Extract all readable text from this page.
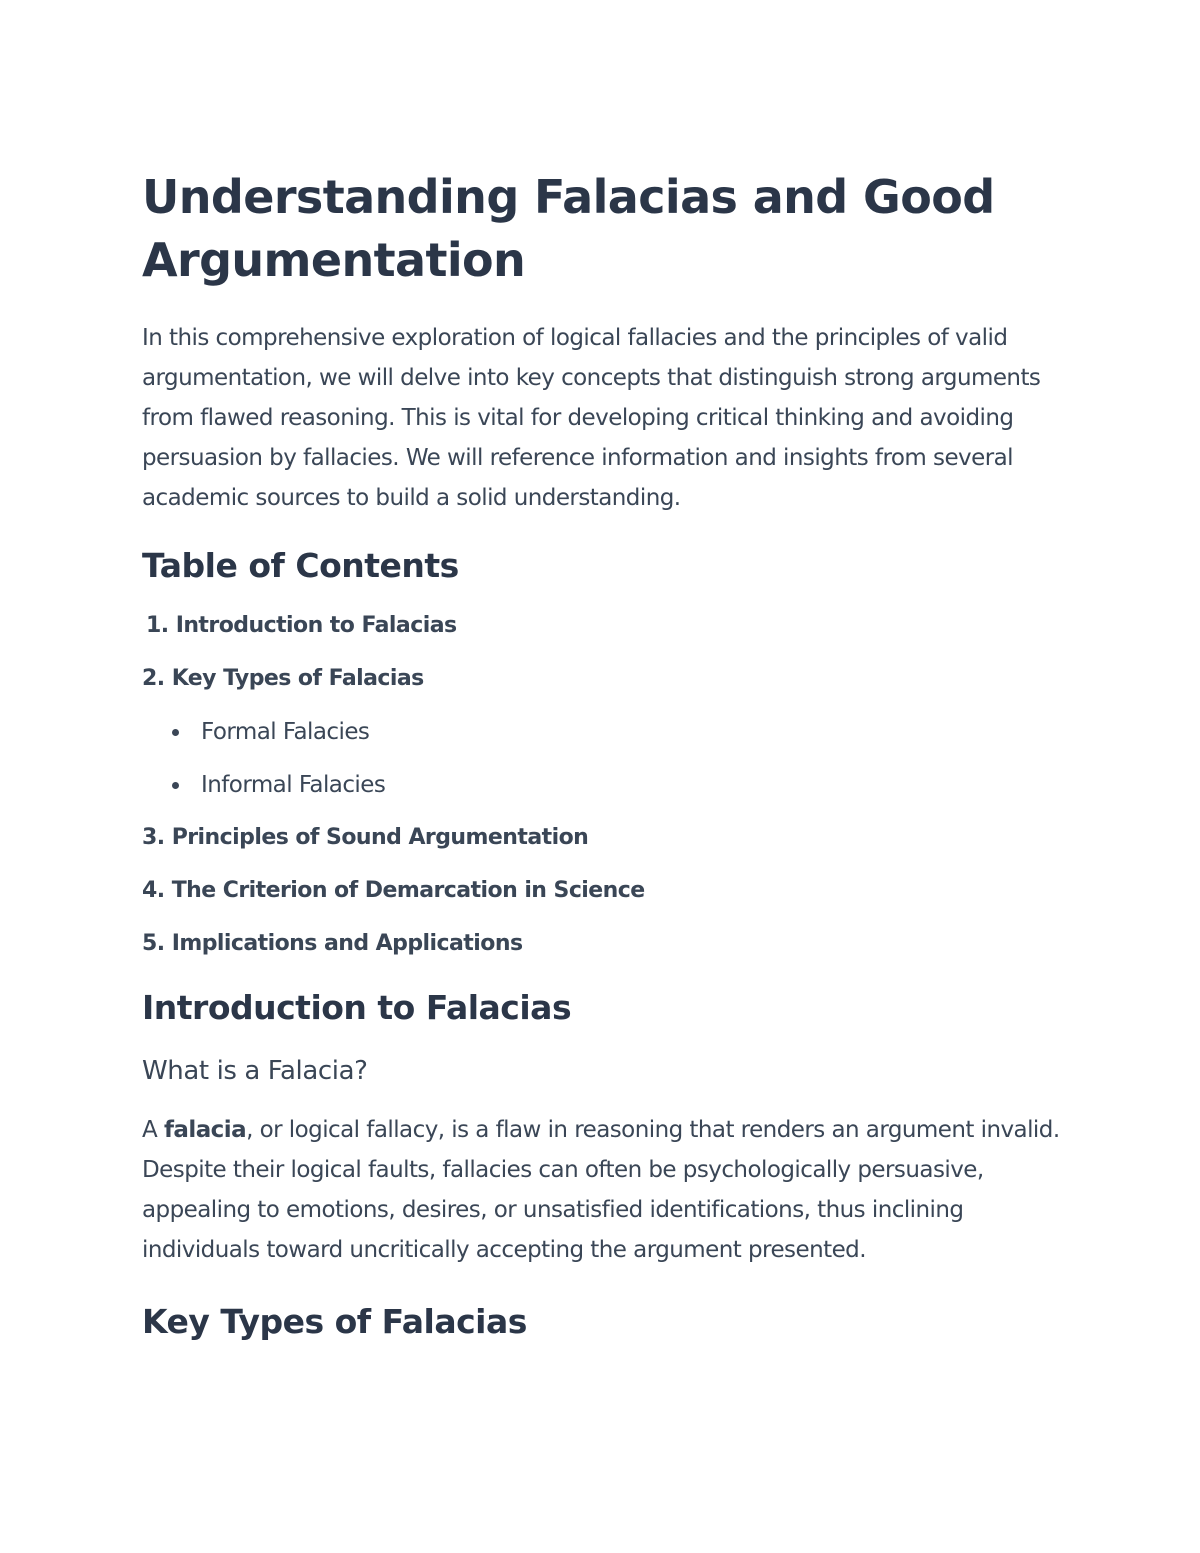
Understanding Falacias and Good Argumentation

In this comprehensive exploration of logical fallacies and the principles of valid argumentation, we will delve into key concepts that distinguish strong arguments from flawed reasoning. This is vital for developing critical thinking and avoiding persuasion by fallacies. We will reference information and insights from several academic sources to build a solid understanding.

Table of Contents
1. Introduction to Falacias
2. Key Types of Falacias
Formal Falacies
Informal Falacies
3. Principles of Sound Argumentation
4. The Criterion of Demarcation in Science
5. Implications and Applications
Introduction to Falacias
What is a Falacia?

A falacia, or logical fallacy, is a flaw in reasoning that renders an argument invalid. Despite their logical faults, fallacies can often be psychologically persuasive, appealing to emotions, desires, or unsatisfied identifications, thus inclining individuals toward uncritically accepting the argument presented.

Key Types of Falacias
